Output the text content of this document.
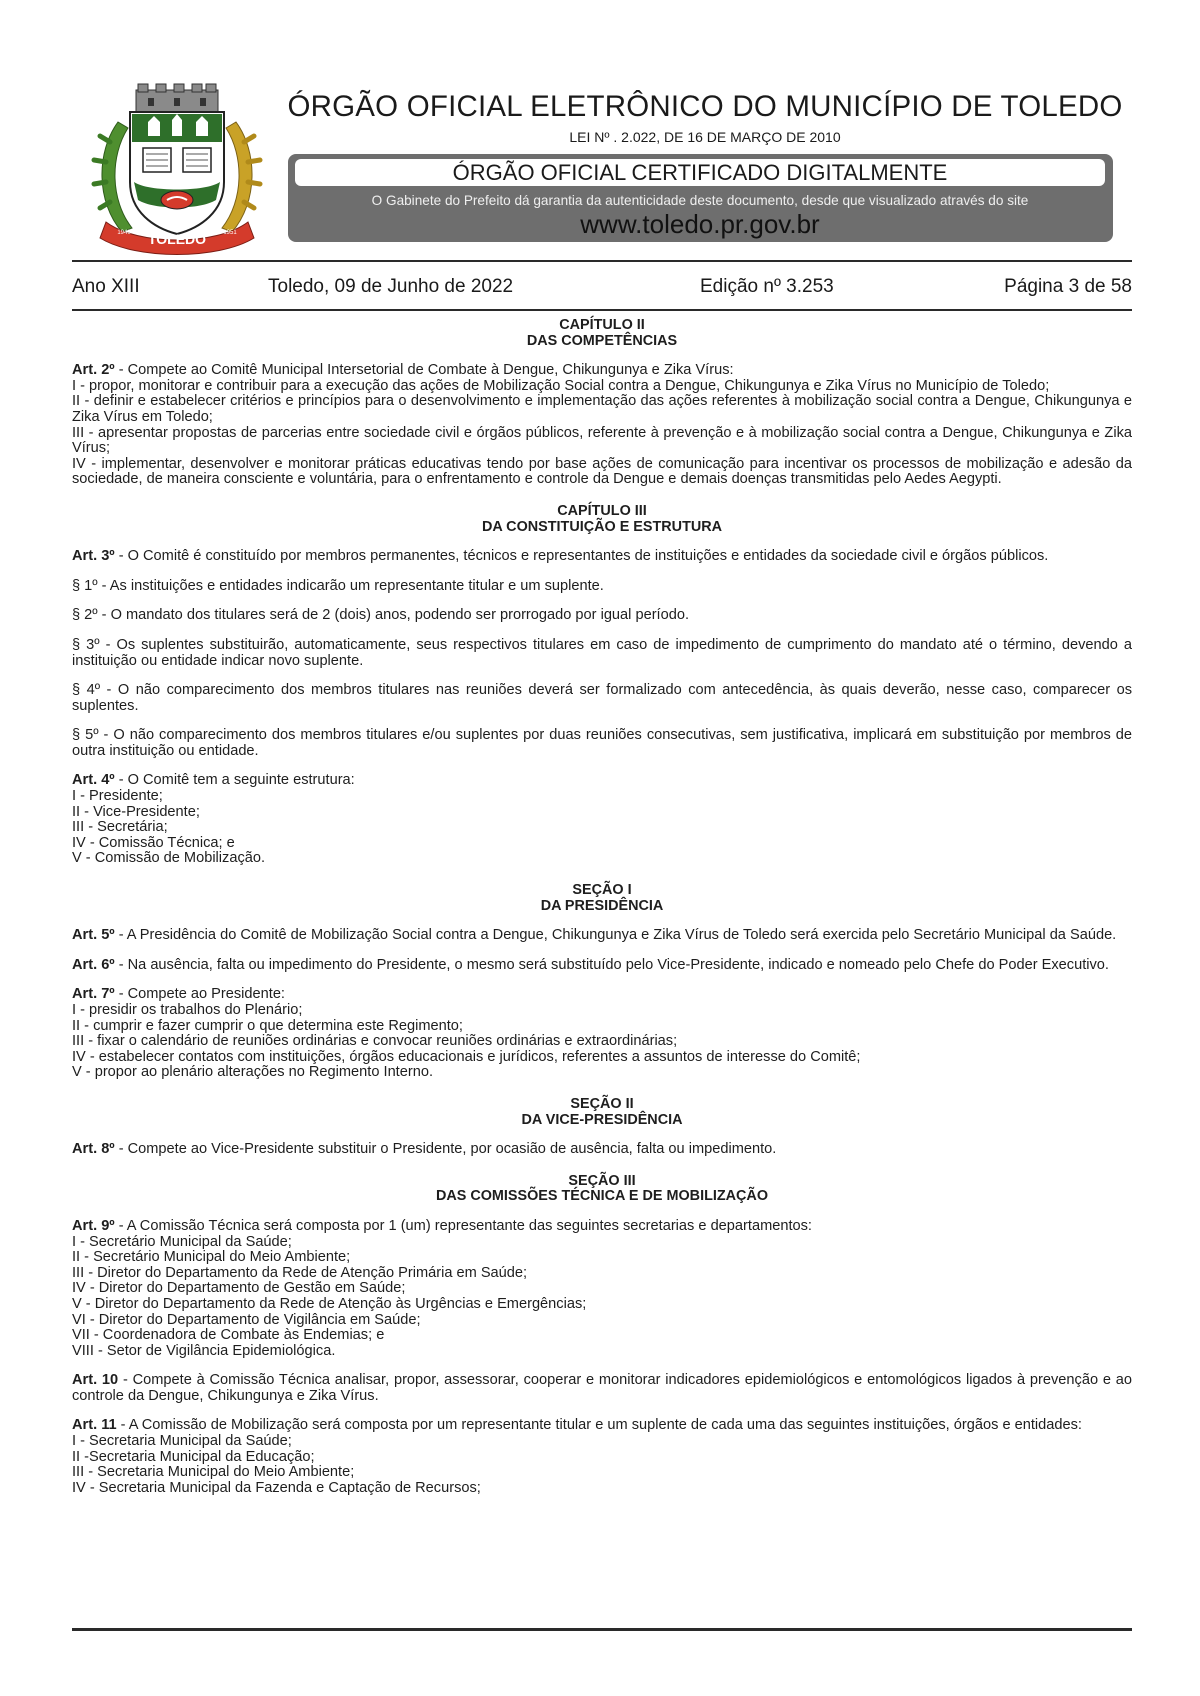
TOLEDO
1946	1951
ÓRGÃO OFICIAL ELETRÔNICO DO MUNICÍPIO DE TOLEDO
LEI Nº . 2.022, DE 16 DE MARÇO DE 2010
ÓRGÃO OFICIAL CERTIFICADO DIGITALMENTE
O Gabinete do Prefeito dá garantia da autenticidade deste documento, desde que visualizado através do site
www.toledo.pr.gov.br
Ano XIII	Toledo, 09 de Junho de 2022	Edição nº 3.253	Página 3 de 58

CAPÍTULO II

DAS COMPETÊNCIAS

Art. 2º - Compete ao Comitê Municipal Intersetorial de Combate à Dengue, Chikungunya e Zika Vírus:

I - propor, monitorar e contribuir para a execução das ações de Mobilização Social contra a Dengue, Chikungunya e Zika Vírus no Município de Toledo;

II - definir e estabelecer critérios e princípios para o desenvolvimento e implementação das ações referentes à mobilização social contra a Dengue, Chikungunya e Zika Vírus em Toledo;

III - apresentar propostas de parcerias entre sociedade civil e órgãos públicos, referente à prevenção e à mobilização social contra a Dengue, Chikungunya e Zika Vírus;

IV - implementar, desenvolver e monitorar práticas educativas tendo por base ações de comunicação para incentivar os processos de mobilização e adesão da sociedade, de maneira consciente e voluntária, para o enfrentamento e controle da Dengue e demais doenças transmitidas pelo Aedes Aegypti.

CAPÍTULO III

DA CONSTITUIÇÃO E ESTRUTURA

Art. 3º - O Comitê é constituído por membros permanentes, técnicos e representantes de instituições e entidades da sociedade civil e órgãos públicos.

§ 1º - As instituições e entidades indicarão um representante titular e um suplente.

§ 2º - O mandato dos titulares será de 2 (dois) anos, podendo ser prorrogado por igual período.

§ 3º - Os suplentes substituirão, automaticamente, seus respectivos titulares em caso de impedimento de cumprimento do mandato até o término, devendo a instituição ou entidade indicar novo suplente.

§ 4º - O não comparecimento dos membros titulares nas reuniões deverá ser formalizado com antecedência, às quais deverão, nesse caso, comparecer os suplentes.

§ 5º - O não comparecimento dos membros titulares e/ou suplentes por duas reuniões consecutivas, sem justificativa, implicará em substituição por membros de outra instituição ou entidade.

Art. 4º - O Comitê tem a seguinte estrutura:

I - Presidente;

II - Vice-Presidente;

III - Secretária;

IV - Comissão Técnica; e

V - Comissão de Mobilização.

SEÇÃO I

DA PRESIDÊNCIA

Art. 5º - A Presidência do Comitê de Mobilização Social contra a Dengue, Chikungunya e Zika Vírus de Toledo será exercida pelo Secretário Municipal da Saúde.

Art. 6º - Na ausência, falta ou impedimento do Presidente, o mesmo será substituído pelo Vice-Presidente, indicado e nomeado pelo Chefe do Poder Executivo.

Art. 7º - Compete ao Presidente:

I - presidir os trabalhos do Plenário;

II - cumprir e fazer cumprir o que determina este Regimento;

III - fixar o calendário de reuniões ordinárias e convocar reuniões ordinárias e extraordinárias;

IV - estabelecer contatos com instituições, órgãos educacionais e jurídicos, referentes a assuntos de interesse do Comitê;

V - propor ao plenário alterações no Regimento Interno.

SEÇÃO II

DA VICE-PRESIDÊNCIA

Art. 8º - Compete ao Vice-Presidente substituir o Presidente, por ocasião de ausência, falta ou impedimento.

SEÇÃO III

DAS COMISSÕES TÉCNICA E DE MOBILIZAÇÃO

Art. 9º - A Comissão Técnica será composta por 1 (um) representante das seguintes secretarias e departamentos:

I - Secretário Municipal da Saúde;

II - Secretário Municipal do Meio Ambiente;

III - Diretor do Departamento da Rede de Atenção Primária em Saúde;

IV - Diretor do Departamento de Gestão em Saúde;

V - Diretor do Departamento da Rede de Atenção às Urgências e Emergências;

VI - Diretor do Departamento de Vigilância em Saúde;

VII - Coordenadora de Combate às Endemias; e

VIII - Setor de Vigilância Epidemiológica.

Art. 10 - Compete à Comissão Técnica analisar, propor, assessorar, cooperar e monitorar indicadores epidemiológicos e entomológicos ligados à prevenção e ao controle da Dengue, Chikungunya e Zika Vírus.

Art. 11 - A Comissão de Mobilização será composta por um representante titular e um suplente de cada uma das seguintes instituições, órgãos e entidades:

I - Secretaria Municipal da Saúde;

II -Secretaria Municipal da Educação;

III - Secretaria Municipal do Meio Ambiente;

IV - Secretaria Municipal da Fazenda e Captação de Recursos;
